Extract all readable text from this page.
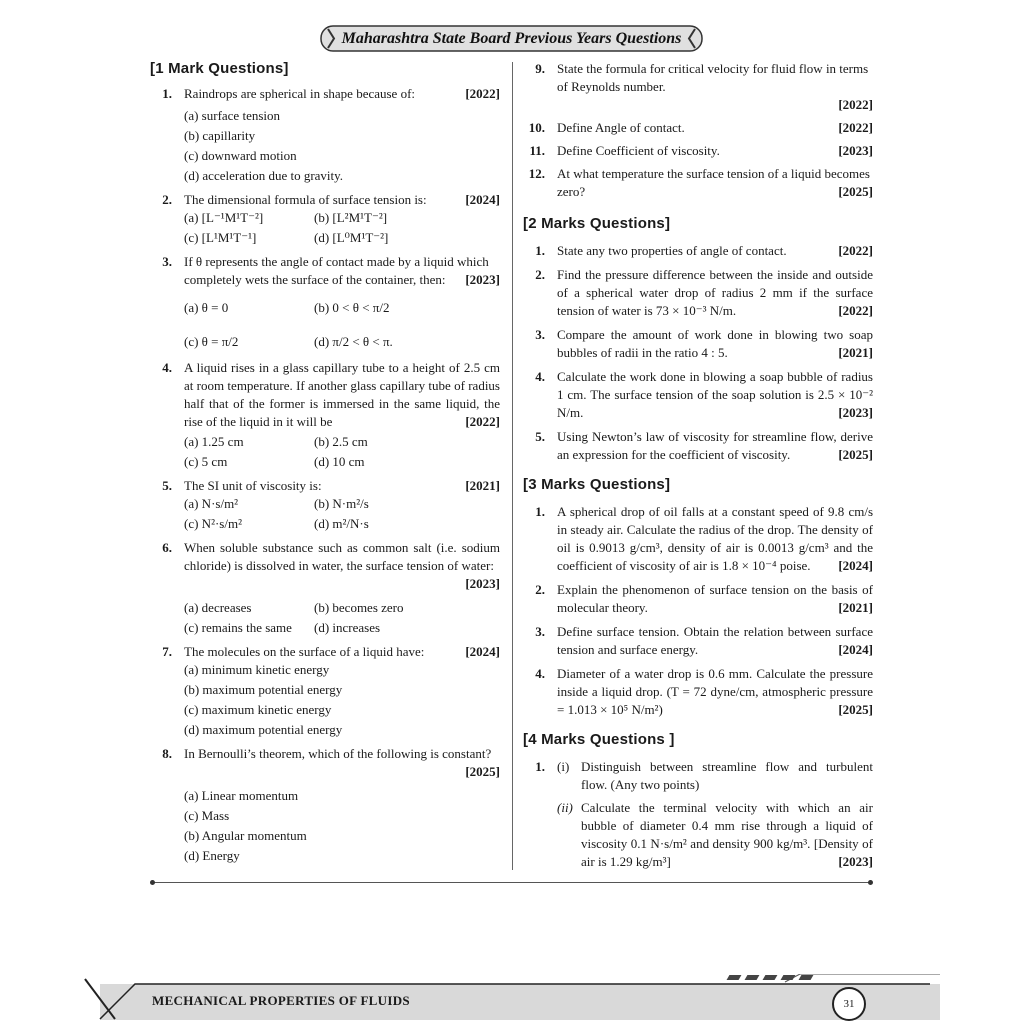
Maharashtra State Board Previous Years Questions
[1 Mark Questions]
1. Raindrops are spherical in shape because of:	[2022]
(a) surface tension
(b) capillarity
(c) downward motion
(d) acceleration due to gravity.
2. The dimensional formula of surface tension is:	[2024]
(a) [L⁻¹M¹T⁻²]	(b) [L²M¹T⁻²]
(c) [L¹M¹T⁻¹]	(d) [L⁰M¹T⁻²]
3. If θ represents the angle of contact made by a liquid which completely wets the surface of the container, then: [2023]
(a) θ = 0	(b) 0 < θ < π/2
(c) θ = π/2	(d) π/2 < θ < π.
4. A liquid rises in a glass capillary tube to a height of 2.5 cm at room temperature. If another glass capillary tube of radius half that of the former is immersed in the same liquid, the rise of the liquid in it will be	[2022]
(a) 1.25 cm	(b) 2.5 cm
(c) 5 cm	(d) 10 cm
5. The SI unit of viscosity is:	[2021]
(a) N·s/m²	(b) N·m²/s
(c) N²·s/m²	(d) m²/N·s
6. When soluble substance such as common salt (i.e. sodium chloride) is dissolved in water, the surface tension of water:
[2023]
(a) decreases	(b) becomes zero
(c) remains the same	(d) increases
7. The molecules on the surface of a liquid have:	[2024]
(a) minimum kinetic energy
(b) maximum potential energy
(c) maximum kinetic energy
(d) maximum potential energy
8. In Bernoulli’s theorem, which of the following is constant?
[2025]
(a) Linear momentum
(c) Mass
(b) Angular momentum
(d) Energy
9. State the formula for critical velocity for fluid flow in terms of Reynolds number.
[2022]
10. Define Angle of contact.	[2022]
11. Define Coefficient of viscosity.	[2023]
12. At what temperature the surface tension of a liquid becomes zero?	[2025]
[2 Marks Questions]
1. State any two properties of angle of contact.	[2022]
2. Find the pressure difference between the inside and outside of a spherical water drop of radius 2 mm if the surface tension of water is 73 × 10⁻³ N/m.	[2022]
3. Compare the amount of work done in blowing two soap bubbles of radii in the ratio 4 : 5.	[2021]
4. Calculate the work done in blowing a soap bubble of radius 1 cm. The surface tension of the soap solution is 2.5 × 10⁻² N/m.	[2023]
5. Using Newton’s law of viscosity for streamline flow, derive an expression for the coefficient of viscosity.	[2025]
[3 Marks Questions]
1. A spherical drop of oil falls at a constant speed of 9.8 cm/s in steady air. Calculate the radius of the drop. The density of oil is 0.9013 g/cm³, density of air is 0.0013 g/cm³ and the coefficient of viscosity of air is 1.8 × 10⁻⁴ poise. [2024]
2. Explain the phenomenon of surface tension on the basis of molecular theory.	[2021]
3. Define surface tension. Obtain the relation between surface tension and surface energy.	[2024]
4. Diameter of a water drop is 0.6 mm. Calculate the pressure inside a liquid drop. (T = 72 dyne/cm, atmospheric pressure = 1.013 × 10⁵ N/m²)	[2025]
[4 Marks Questions ]
1. (i) Distinguish between streamline flow and turbulent flow. (Any two points)
(ii) Calculate the terminal velocity with which an air bubble of diameter 0.4 mm rise through a liquid of viscosity 0.1 N·s/m² and density 900 kg/m³. [Density of air is 1.29 kg/m³]	[2023]
MECHANICAL PROPERTIES OF FLUIDS	31
